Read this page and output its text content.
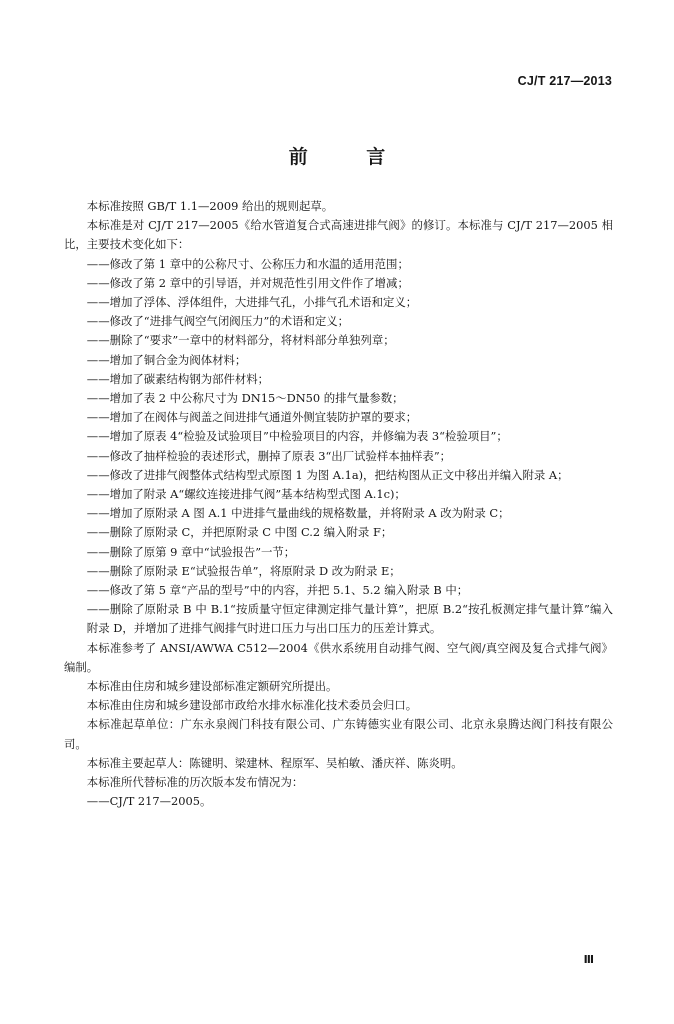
CJ/T 217—2013
前 言

本标准按照 GB/T 1.1—2009 给出的规则起草。

本标准是对 CJ/T 217—2005《给水管道复合式高速进排气阀》的修订。本标准与 CJ/T 217—2005 相比，主要技术变化如下：

——修改了第 1 章中的公称尺寸、公称压力和水温的适用范围；

——修改了第 2 章中的引导语，并对规范性引用文件作了增减；

——增加了浮体、浮体组件，大进排气孔，小排气孔术语和定义；

——修改了“进排气阀空气闭阀压力”的术语和定义；

——删除了“要求”一章中的材料部分，将材料部分单独列章；

——增加了铜合金为阀体材料；

——增加了碳素结构钢为部件材料；

——增加了表 2 中公称尺寸为 DN15～DN50 的排气量参数；

——增加了在阀体与阀盖之间进排气通道外侧宜装防护罩的要求；

——增加了原表 4“检验及试验项目”中检验项目的内容，并修编为表 3“检验项目”；

——修改了抽样检验的表述形式，删掉了原表 3“出厂试验样本抽样表”；

——修改了进排气阀整体式结构型式原图 1 为图 A.1a)，把结构图从正文中移出并编入附录 A；

——增加了附录 A“螺纹连接进排气阀”基本结构型式图 A.1c)；

——增加了原附录 A 图 A.1 中进排气量曲线的规格数量，并将附录 A 改为附录 C；

——删除了原附录 C，并把原附录 C 中图 C.2 编入附录 F；

——删除了原第 9 章中“试验报告”一节；

——删除了原附录 E“试验报告单”，将原附录 D 改为附录 E；

——修改了第 5 章“产品的型号”中的内容，并把 5.1、5.2 编入附录 B 中；

——删除了原附录 B 中 B.1“按质量守恒定律测定排气量计算”，把原 B.2“按孔板测定排气量计算”编入附录 D，并增加了进排气阀排气时进口压力与出口压力的压差计算式。

本标准参考了 ANSI/AWWA C512—2004《供水系统用自动排气阀、空气阀/真空阀及复合式排气阀》编制。

本标准由住房和城乡建设部标准定额研究所提出。

本标准由住房和城乡建设部市政给水排水标准化技术委员会归口。

本标准起草单位：广东永泉阀门科技有限公司、广东铸德实业有限公司、北京永泉腾达阀门科技有限公司。

本标准主要起草人：陈键明、梁建林、程原军、吴柏敏、潘庆祥、陈炎明。

本标准所代替标准的历次版本发布情况为：

——CJ/T 217—2005。

Ⅲ
